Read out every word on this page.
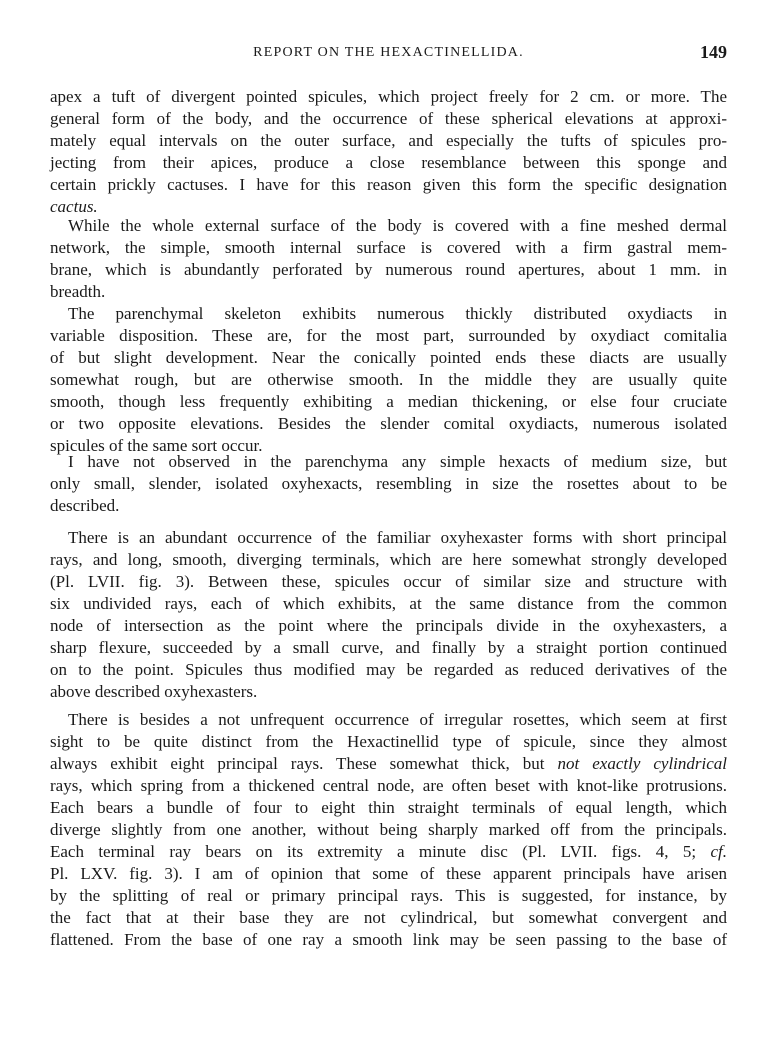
REPORT ON THE HEXACTINELLIDA.	149
apex a tuft of divergent pointed spicules, which project freely for 2 cm. or more. The
general form of the body, and the occurrence of these spherical elevations at approxi-
mately equal intervals on the outer surface, and especially the tufts of spicules pro-
jecting from their apices, produce a close resemblance between this sponge and
certain prickly cactuses. I have for this reason given this form the specific designation
cactus.
While the whole external surface of the body is covered with a fine meshed dermal
network, the simple, smooth internal surface is covered with a firm gastral mem-
brane, which is abundantly perforated by numerous round apertures, about 1 mm. in
breadth.
The parenchymal skeleton exhibits numerous thickly distributed oxydiacts in
variable disposition. These are, for the most part, surrounded by oxydiact comitalia
of but slight development. Near the conically pointed ends these diacts are usually
somewhat rough, but are otherwise smooth. In the middle they are usually quite
smooth, though less frequently exhibiting a median thickening, or else four cruciate
or two opposite elevations. Besides the slender comital oxydiacts, numerous isolated
spicules of the same sort occur.
I have not observed in the parenchyma any simple hexacts of medium size, but
only small, slender, isolated oxyhexacts, resembling in size the rosettes about to be
described.
There is an abundant occurrence of the familiar oxyhexaster forms with short principal
rays, and long, smooth, diverging terminals, which are here somewhat strongly developed
(Pl. LVII. fig. 3). Between these, spicules occur of similar size and structure with
six undivided rays, each of which exhibits, at the same distance from the common
node of intersection as the point where the principals divide in the oxyhexasters, a
sharp flexure, succeeded by a small curve, and finally by a straight portion continued
on to the point. Spicules thus modified may be regarded as reduced derivatives of the
above described oxyhexasters.
There is besides a not unfrequent occurrence of irregular rosettes, which seem at first
sight to be quite distinct from the Hexactinellid type of spicule, since they almost
always exhibit eight principal rays. These somewhat thick, but not exactly cylindrical
rays, which spring from a thickened central node, are often beset with knot-like protrusions.
Each bears a bundle of four to eight thin straight terminals of equal length, which
diverge slightly from one another, without being sharply marked off from the principals.
Each terminal ray bears on its extremity a minute disc (Pl. LVII. figs. 4, 5; cf.
Pl. LXV. fig. 3). I am of opinion that some of these apparent principals have arisen
by the splitting of real or primary principal rays. This is suggested, for instance, by
the fact that at their base they are not cylindrical, but somewhat convergent and
flattened. From the base of one ray a smooth link may be seen passing to the base of
